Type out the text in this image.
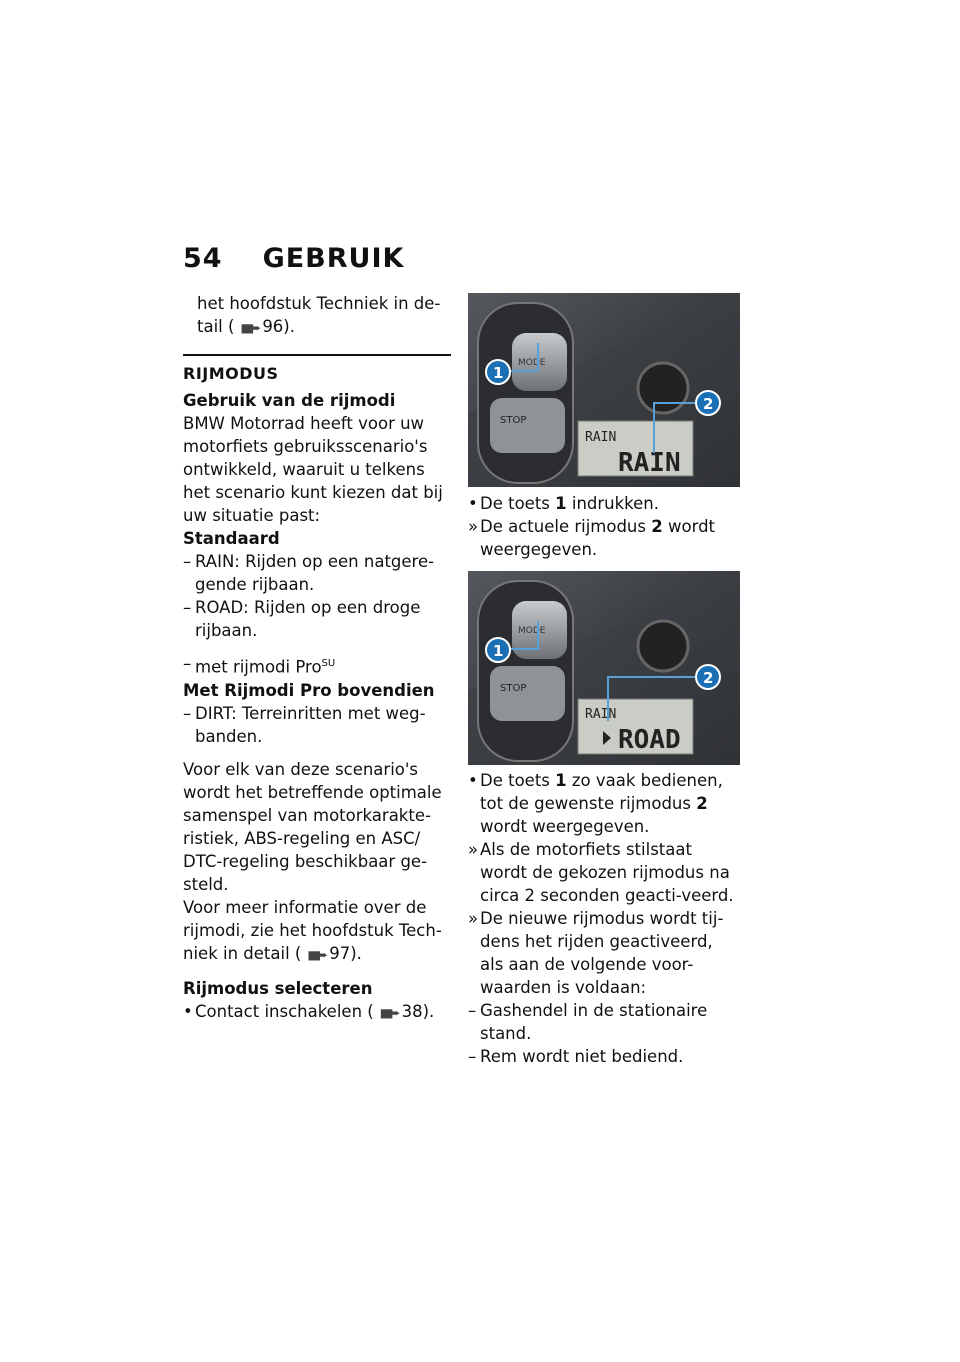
54 GEBRUIK

het hoofdstuk Techniek in de-

tail ( ▮▮▮➨ 96).

RIJMODUS

Gebruik van de rijmodi

BMW Motorrad heeft voor uw motorfiets gebruiksscenario's ontwikkeld, waaruit u telkens het scenario kunt kiezen dat bij uw situatie past:

Standaard

– RAIN: Rijden op een natgere-gende rijbaan.
– ROAD: Rijden op een droge rijbaan.
– met rijmodi Pro$^{SU}$

Met Rijmodi Pro bovendien

– DIRT: Terreinritten met weg-banden.

Voor elk van deze scenario's wordt het betreffende optimale samenspel van motorkarakte-ristiek, ABS-regeling en ASC/ DTC-regeling beschikbaar ge-steld.

Voor meer informatie over de rijmodi, zie het hoofdstuk Tech-niek in detail ( ▮▮▮➨ 97).

Rijmodus selecteren

• Contact inschakelen ( ▮▮▮➨ 38).
MODE
STOP
RAIN
RAIN
1
2
• De toets 1 indrukken.
» De actuele rijmodus 2 wordt weergegeven.
MODE
STOP
RAIN
ROAD
1
2
• De toets 1 zo vaak bedienen, tot de gewenste rijmodus 2 wordt weergegeven.
» Als de motorfiets stilstaat wordt de gekozen rijmodus na circa 2 seconden geacti-veerd.
» De nieuwe rijmodus wordt tij-dens het rijden geactiveerd, als aan de volgende voor-waarden is voldaan:
– Gashendel in de stationaire stand.
– Rem wordt niet bediend.
